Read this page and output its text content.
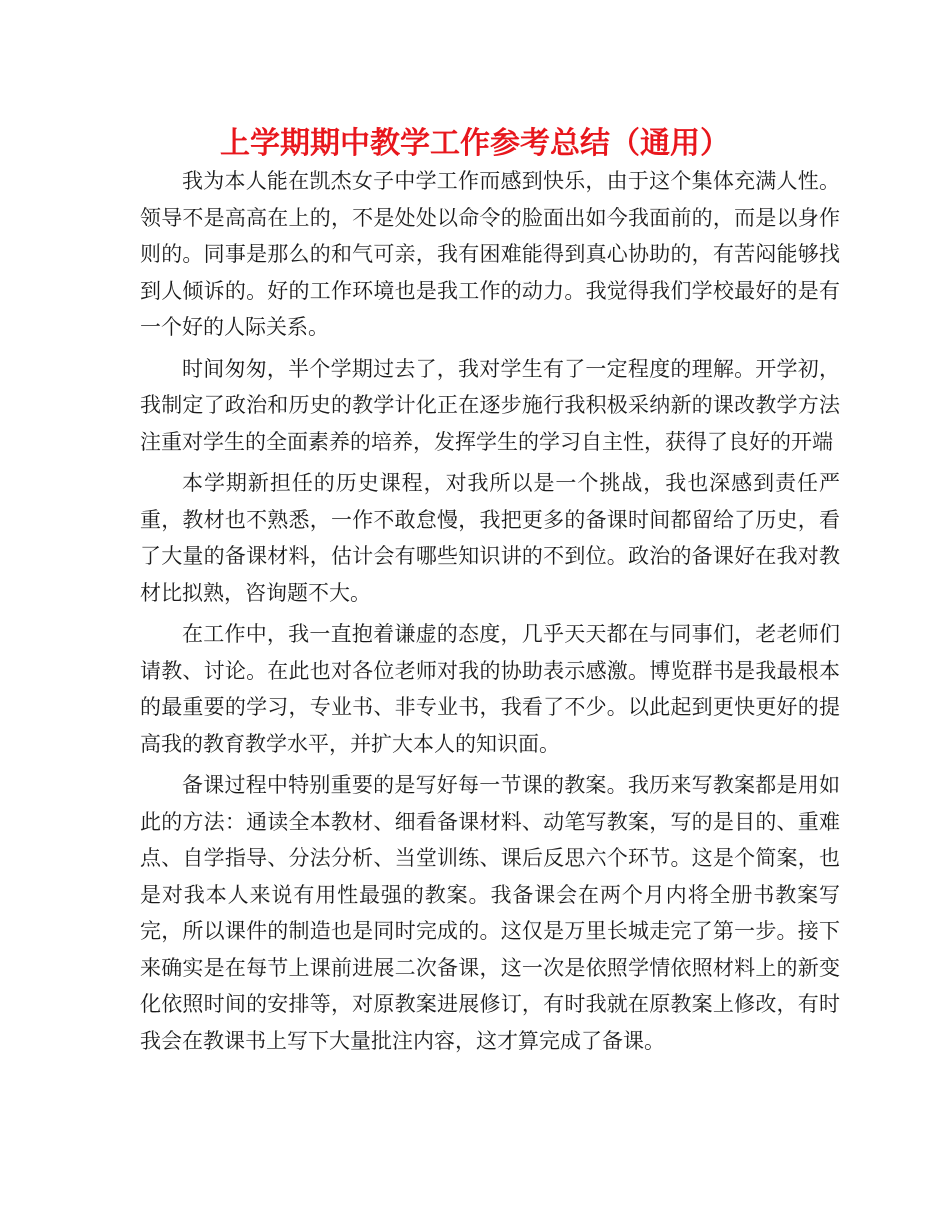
上学期期中教学工作参考总结（通用）

我为本人能在凯杰女子中学工作而感到快乐，由于这个集体充满人性。领导不是高高在上的，不是处处以命令的脸面出如今我面前的，而是以身作则的。同事是那么的和气可亲，我有困难能得到真心协助的，有苦闷能够找到人倾诉的。好的工作环境也是我工作的动力。我觉得我们学校最好的是有一个好的人际关系。

时间匆匆，半个学期过去了，我对学生有了一定程度的理解。开学初，我制定了政治和历史的教学计化正在逐步施行我积极采纳新的课改教学方法注重对学生的全面素养的培养，发挥学生的学习自主性，获得了良好的开端

本学期新担任的历史课程，对我所以是一个挑战，我也深感到责任严重，教材也不熟悉，一作不敢怠慢，我把更多的备课时间都留给了历史，看了大量的备课材料，估计会有哪些知识讲的不到位。政治的备课好在我对教材比拟熟，咨询题不大。

在工作中，我一直抱着谦虚的态度，几乎天天都在与同事们，老老师们请教、讨论。在此也对各位老师对我的协助表示感激。博览群书是我最根本的最重要的学习，专业书、非专业书，我看了不少。以此起到更快更好的提高我的教育教学水平，并扩大本人的知识面。

备课过程中特别重要的是写好每一节课的教案。我历来写教案都是用如此的方法：通读全本教材、细看备课材料、动笔写教案，写的是目的、重难点、自学指导、分法分析、当堂训练、课后反思六个环节。这是个简案，也是对我本人来说有用性最强的教案。我备课会在两个月内将全册书教案写完，所以课件的制造也是同时完成的。这仅是万里长城走完了第一步。接下来确实是在每节上课前进展二次备课，这一次是依照学情依照材料上的新变化依照时间的安排等，对原教案进展修订，有时我就在原教案上修改，有时我会在教课书上写下大量批注内容，这才算完成了备课。
